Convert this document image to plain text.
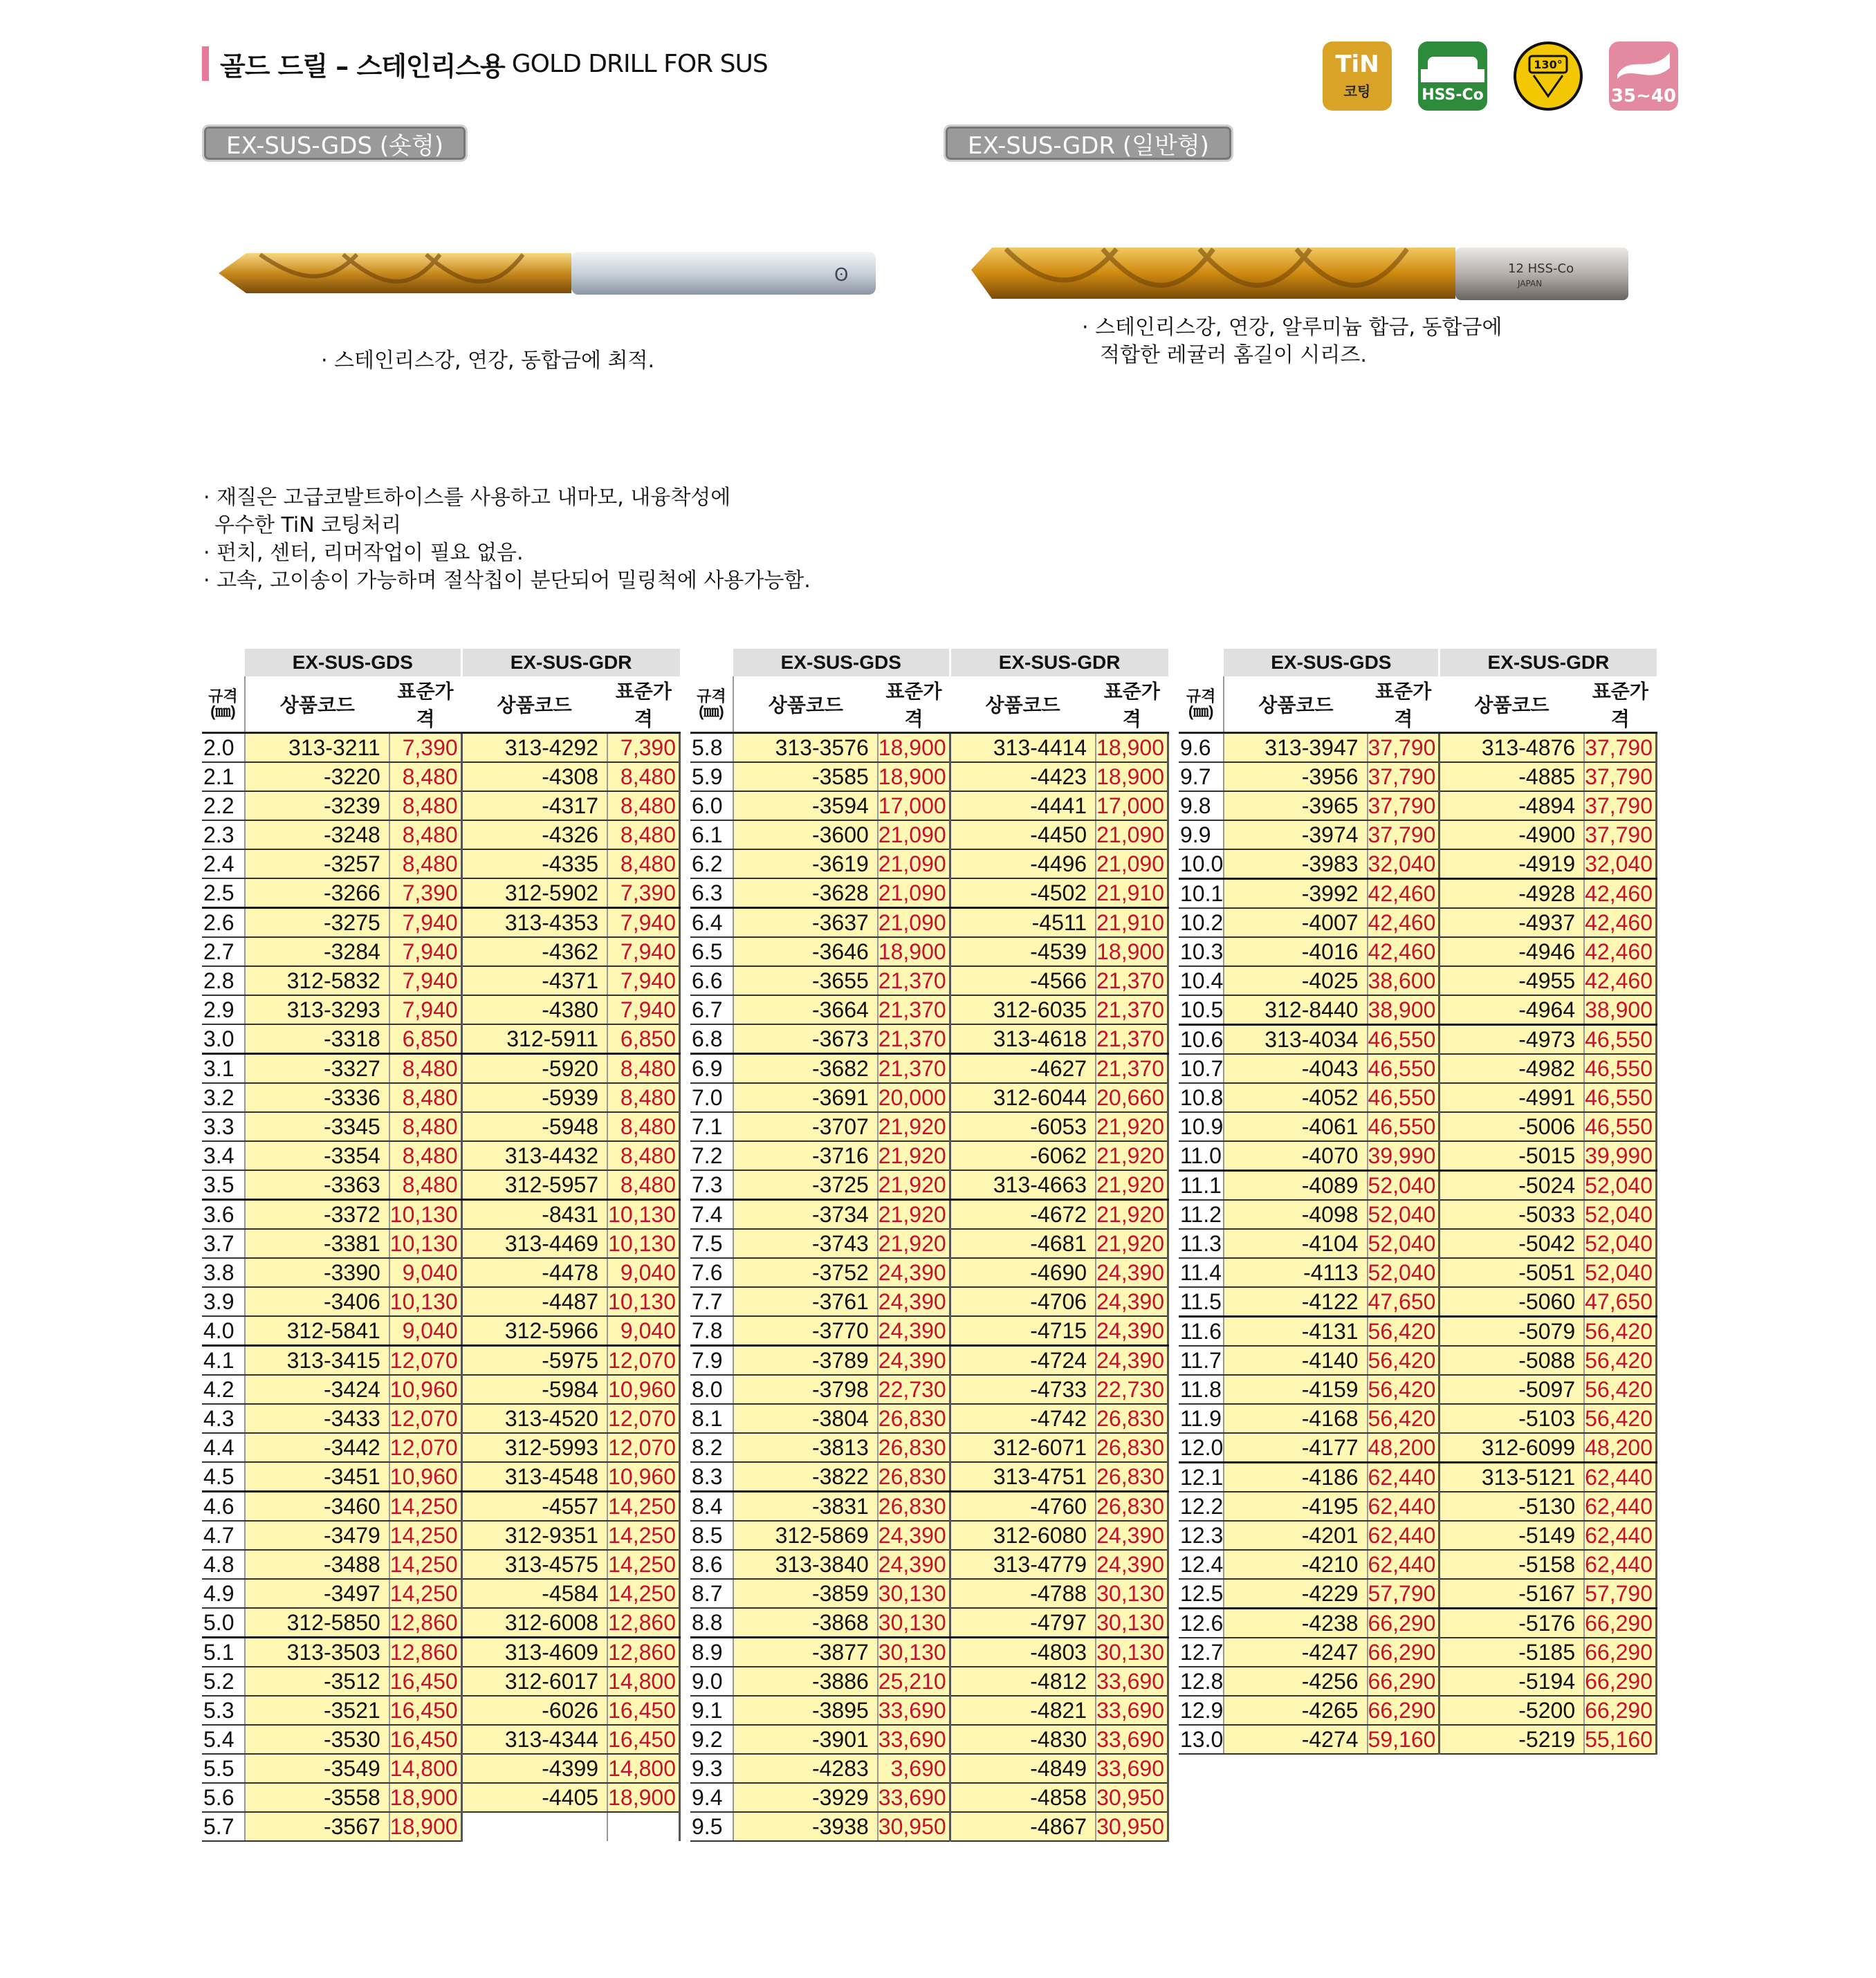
골드 드릴 – 스테인리스용 GOLD DRILL FOR SUS	TiN
코팅	HSS-Co
130°
35~40
EX-SUS-GDS (숏형)	EX-SUS-GDR (일반형)
ʘ	12 HSS-Co
JAPAN
· 스테인리스강, 연강, 동합금에 최적.
· 스테인리스강, 연강, 알루미늄 합금, 동합금에
적합한 레귤러 홈길이 시리즈.
· 재질은 고급코발트하이스를 사용하고 내마모, 내융착성에
우수한 TiN 코팅처리
· 펀치, 센터, 리머작업이 필요 없음.
· 고속, 고이송이 가능하며 절삭칩이 분단되어 밀링척에 사용가능함.
	EX-SUS-GDS		EX-SUS-GDR	
규격
(㎜)	상품코드	표준가격	상품코드	표준가격
2.0	313-3211	7,390	313-4292	7,390
2.1	-3220	8,480	-4308	8,480
2.2	-3239	8,480	-4317	8,480
2.3	-3248	8,480	-4326	8,480
2.4	-3257	8,480	-4335	8,480
2.5	-3266	7,390	312-5902	7,390
2.6	-3275	7,940	313-4353	7,940
2.7	-3284	7,940	-4362	7,940
2.8	312-5832	7,940	-4371	7,940
2.9	313-3293	7,940	-4380	7,940
3.0	-3318	6,850	312-5911	6,850
3.1	-3327	8,480	-5920	8,480
3.2	-3336	8,480	-5939	8,480
3.3	-3345	8,480	-5948	8,480
3.4	-3354	8,480	313-4432	8,480
3.5	-3363	8,480	312-5957	8,480
3.6	-3372	10,130	-8431	10,130
3.7	-3381	10,130	313-4469	10,130
3.8	-3390	9,040	-4478	9,040
3.9	-3406	10,130	-4487	10,130
4.0	312-5841	9,040	312-5966	9,040
4.1	313-3415	12,070	-5975	12,070
4.2	-3424	10,960	-5984	10,960
4.3	-3433	12,070	313-4520	12,070
4.4	-3442	12,070	312-5993	12,070
4.5	-3451	10,960	313-4548	10,960
4.6	-3460	14,250	-4557	14,250
4.7	-3479	14,250	312-9351	14,250
4.8	-3488	14,250	313-4575	14,250
4.9	-3497	14,250	-4584	14,250
5.0	312-5850	12,860	312-6008	12,860
5.1	313-3503	12,860	313-4609	12,860
5.2	-3512	16,450	312-6017	14,800
5.3	-3521	16,450	-6026	16,450
5.4	-3530	16,450	313-4344	16,450
5.5	-3549	14,800	-4399	14,800
5.6	-3558	18,900	-4405	18,900
5.7	-3567	18,900		
	EX-SUS-GDS		EX-SUS-GDR	
규격
(㎜)	상품코드	표준가격	상품코드	표준가격
5.8	313-3576	18,900	313-4414	18,900
5.9	-3585	18,900	-4423	18,900
6.0	-3594	17,000	-4441	17,000
6.1	-3600	21,090	-4450	21,090
6.2	-3619	21,090	-4496	21,090
6.3	-3628	21,090	-4502	21,910
6.4	-3637	21,090	-4511	21,910
6.5	-3646	18,900	-4539	18,900
6.6	-3655	21,370	-4566	21,370
6.7	-3664	21,370	312-6035	21,370
6.8	-3673	21,370	313-4618	21,370
6.9	-3682	21,370	-4627	21,370
7.0	-3691	20,000	312-6044	20,660
7.1	-3707	21,920	-6053	21,920
7.2	-3716	21,920	-6062	21,920
7.3	-3725	21,920	313-4663	21,920
7.4	-3734	21,920	-4672	21,920
7.5	-3743	21,920	-4681	21,920
7.6	-3752	24,390	-4690	24,390
7.7	-3761	24,390	-4706	24,390
7.8	-3770	24,390	-4715	24,390
7.9	-3789	24,390	-4724	24,390
8.0	-3798	22,730	-4733	22,730
8.1	-3804	26,830	-4742	26,830
8.2	-3813	26,830	312-6071	26,830
8.3	-3822	26,830	313-4751	26,830
8.4	-3831	26,830	-4760	26,830
8.5	312-5869	24,390	312-6080	24,390
8.6	313-3840	24,390	313-4779	24,390
8.7	-3859	30,130	-4788	30,130
8.8	-3868	30,130	-4797	30,130
8.9	-3877	30,130	-4803	30,130
9.0	-3886	25,210	-4812	33,690
9.1	-3895	33,690	-4821	33,690
9.2	-3901	33,690	-4830	33,690
9.3	-4283	3,690	-4849	33,690
9.4	-3929	33,690	-4858	30,950
9.5	-3938	30,950	-4867	30,950
	EX-SUS-GDS		EX-SUS-GDR	
규격
(㎜)	상품코드	표준가격	상품코드	표준가격
9.6	313-3947	37,790	313-4876	37,790
9.7	-3956	37,790	-4885	37,790
9.8	-3965	37,790	-4894	37,790
9.9	-3974	37,790	-4900	37,790
10.0	-3983	32,040	-4919	32,040
10.1	-3992	42,460	-4928	42,460
10.2	-4007	42,460	-4937	42,460
10.3	-4016	42,460	-4946	42,460
10.4	-4025	38,600	-4955	42,460
10.5	312-8440	38,900	-4964	38,900
10.6	313-4034	46,550	-4973	46,550
10.7	-4043	46,550	-4982	46,550
10.8	-4052	46,550	-4991	46,550
10.9	-4061	46,550	-5006	46,550
11.0	-4070	39,990	-5015	39,990
11.1	-4089	52,040	-5024	52,040
11.2	-4098	52,040	-5033	52,040
11.3	-4104	52,040	-5042	52,040
11.4	-4113	52,040	-5051	52,040
11.5	-4122	47,650	-5060	47,650
11.6	-4131	56,420	-5079	56,420
11.7	-4140	56,420	-5088	56,420
11.8	-4159	56,420	-5097	56,420
11.9	-4168	56,420	-5103	56,420
12.0	-4177	48,200	312-6099	48,200
12.1	-4186	62,440	313-5121	62,440
12.2	-4195	62,440	-5130	62,440
12.3	-4201	62,440	-5149	62,440
12.4	-4210	62,440	-5158	62,440
12.5	-4229	57,790	-5167	57,790
12.6	-4238	66,290	-5176	66,290
12.7	-4247	66,290	-5185	66,290
12.8	-4256	66,290	-5194	66,290
12.9	-4265	66,290	-5200	66,290
13.0	-4274	59,160	-5219	55,160
